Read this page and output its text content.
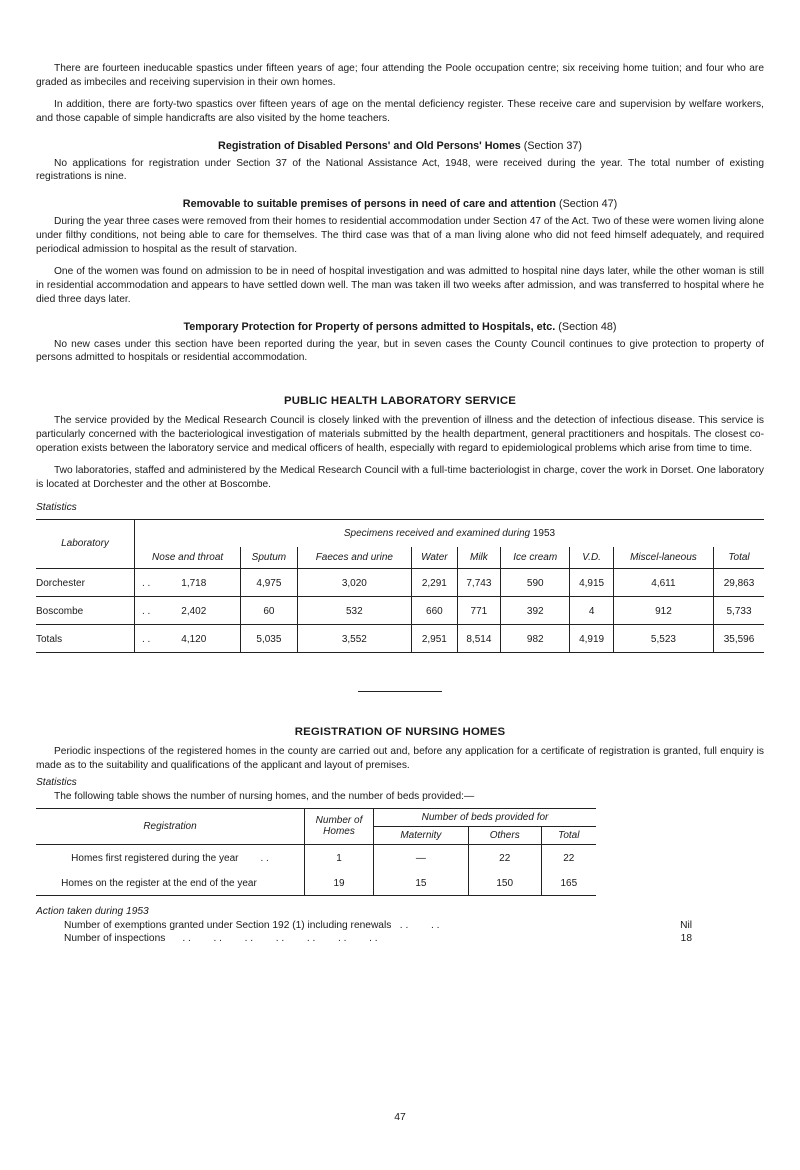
There are fourteen ineducable spastics under fifteen years of age; four attending the Poole occupation centre; six receiving home tuition; and four who are graded as imbeciles and receiving supervision in their own homes.

In addition, there are forty-two spastics over fifteen years of age on the mental deficiency register. These receive care and supervision by welfare workers, and those capable of simple handicrafts are also visited by the home teachers.

Registration of Disabled Persons' and Old Persons' Homes (Section 37)

No applications for registration under Section 37 of the National Assistance Act, 1948, were received during the year. The total number of existing registrations is nine.

Removable to suitable premises of persons in need of care and attention (Section 47)

During the year three cases were removed from their homes to residential accommodation under Section 47 of the Act. Two of these were women living alone under filthy conditions, not being able to care for themselves. The third case was that of a man living alone who did not feed himself adequately, and required periodical admission to hospital as the result of starvation.

One of the women was found on admission to be in need of hospital investigation and was admitted to hospital nine days later, while the other woman is still in residential accommodation and appears to have settled down well. The man was taken ill two weeks after admission, and was transferred to hospital where he died three days later.

Temporary Protection for Property of persons admitted to Hospitals, etc. (Section 48)

No new cases under this section have been reported during the year, but in seven cases the County Council continues to give protection to property of persons admitted to hospitals or residential accommodation.

PUBLIC HEALTH LABORATORY SERVICE

The service provided by the Medical Research Council is closely linked with the prevention of illness and the detection of infectious disease. This service is particularly concerned with the bacteriological investigation of materials submitted by the health department, general practitioners and hospitals. The closest co-operation exists between the laboratory service and medical officers of health, especially with regard to epidemiological problems which arise from time to time.

Two laboratories, staffed and administered by the Medical Research Council with a full-time bacteriologist in charge, cover the work in Dorset. One laboratory is located at Dorchester and the other at Boscombe.

Statistics
Laboratory	Specimens received and examined during 1953								
	Nose and throat	Sputum	Faeces and urine	Water	Milk	Ice cream	V.D.	Miscel-laneous	Total
Dorchester	. . 1,718	4,975	3,020	2,291	7,743	590	4,915	4,611	29,863
Boscombe	. . 2,402	60	532	660	771	392	4	912	5,733
Totals	. . 4,120	5,035	3,552	2,951	8,514	982	4,919	5,523	35,596
REGISTRATION OF NURSING HOMES

Periodic inspections of the registered homes in the county are carried out and, before any application for a certificate of registration is granted, full enquiry is made as to the suitability and qualifications of the applicant and layout of premises.

Statistics

The following table shows the number of nursing homes, and the number of beds provided:—

Registration	Number of Homes	Number of beds provided for		
		Maternity	Others	Total
Homes first registered during the year . .	1	—	22	22
Homes on the register at the end of the year	19	15	150	165
Action taken during 1953
Number of exemptions granted under Section 192 (1) including renewals   . .        . .	Nil
Number of inspections      . .        . .        . .        . .        . .        . .        . .	18
47
